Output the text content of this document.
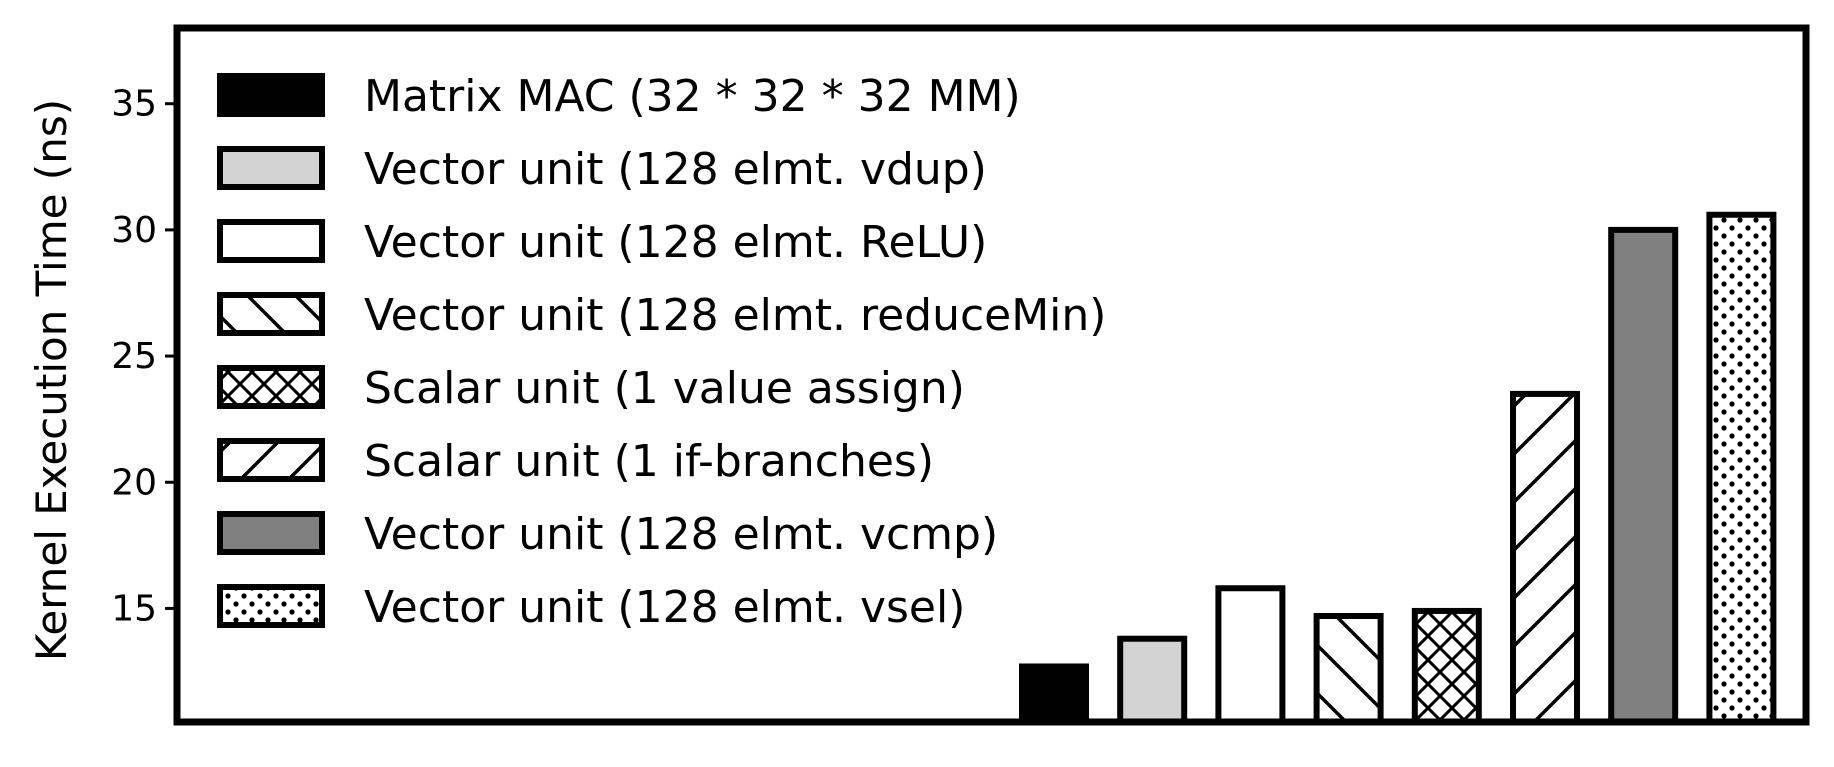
Matrix MAC (32 * 32 * 32 MM)
Vector unit (128 elmt. vdup)
Vector unit (128 elmt. ReLU)
Vector unit (128 elmt. reduceMin)
Scalar unit (1 value assign)
Scalar unit (1 if-branches)
Vector unit (128 elmt. vcmp)
Vector unit (128 elmt. vsel)
15
20
25
30
35
Kernel Execution Time (ns)
